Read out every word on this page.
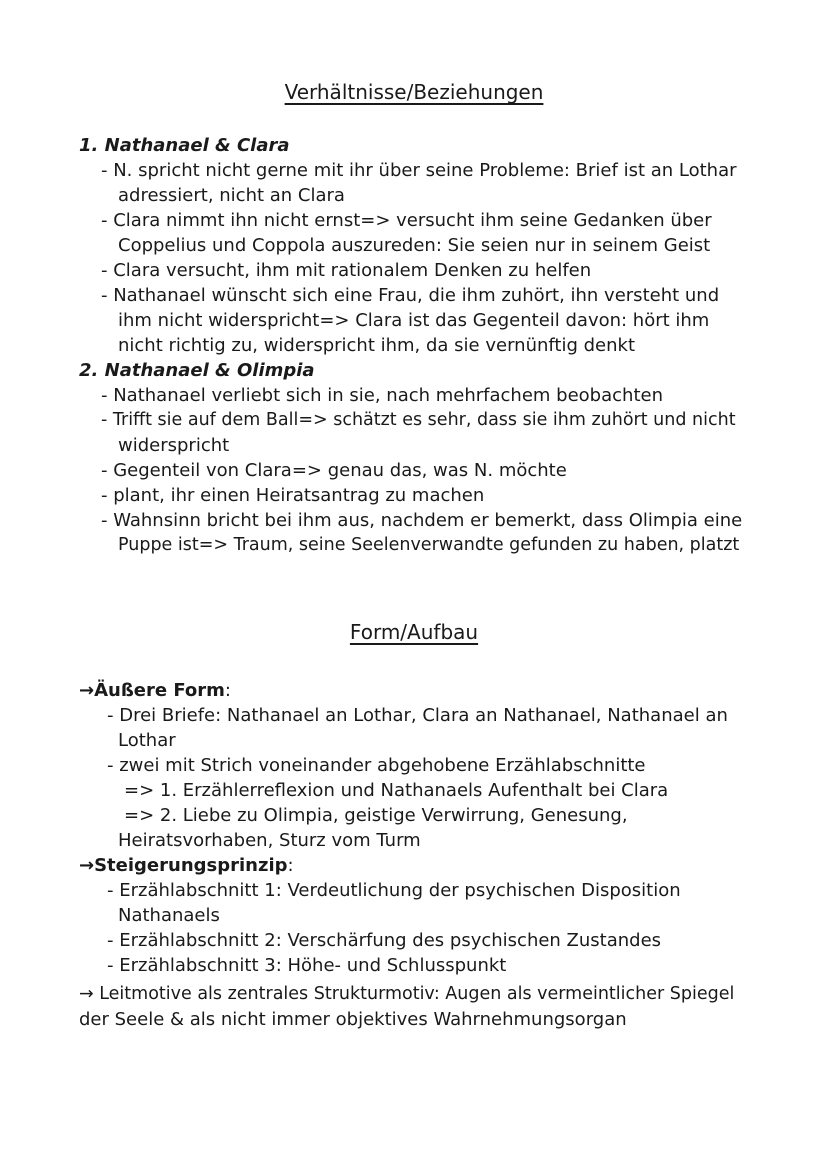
Verhältnisse/Beziehungen
1. Nathanael & Clara
- N. spricht nicht gerne mit ihr über seine Probleme: Brief ist an Lothar
adressiert, nicht an Clara
- Clara nimmt ihn nicht ernst=> versucht ihm seine Gedanken über
Coppelius und Coppola auszureden: Sie seien nur in seinem Geist
- Clara versucht, ihm mit rationalem Denken zu helfen
- Nathanael wünscht sich eine Frau, die ihm zuhört, ihn versteht und
ihm nicht widerspricht=> Clara ist das Gegenteil davon: hört ihm
nicht richtig zu, widerspricht ihm, da sie vernünftig denkt
2. Nathanael & Olimpia
- Nathanael verliebt sich in sie, nach mehrfachem beobachten
- Trifft sie auf dem Ball=> schätzt es sehr, dass sie ihm zuhört und nicht
widerspricht
- Gegenteil von Clara=> genau das, was N. möchte
- plant, ihr einen Heiratsantrag zu machen
- Wahnsinn bricht bei ihm aus, nachdem er bemerkt, dass Olimpia eine
Puppe ist=> Traum, seine Seelenverwandte gefunden zu haben, platzt
Form/Aufbau
→Äußere Form:
- Drei Briefe: Nathanael an Lothar, Clara an Nathanael, Nathanael an
Lothar
- zwei mit Strich voneinander abgehobene Erzählabschnitte
=> 1. Erzählerreflexion und Nathanaels Aufenthalt bei Clara
=> 2. Liebe zu Olimpia, geistige Verwirrung, Genesung,
Heiratsvorhaben, Sturz vom Turm
→Steigerungsprinzip:
- Erzählabschnitt 1: Verdeutlichung der psychischen Disposition
Nathanaels
- Erzählabschnitt 2: Verschärfung des psychischen Zustandes
- Erzählabschnitt 3: Höhe- und Schlusspunkt
→ Leitmotive als zentrales Strukturmotiv: Augen als vermeintlicher Spiegel
der Seele & als nicht immer objektives Wahrnehmungsorgan
